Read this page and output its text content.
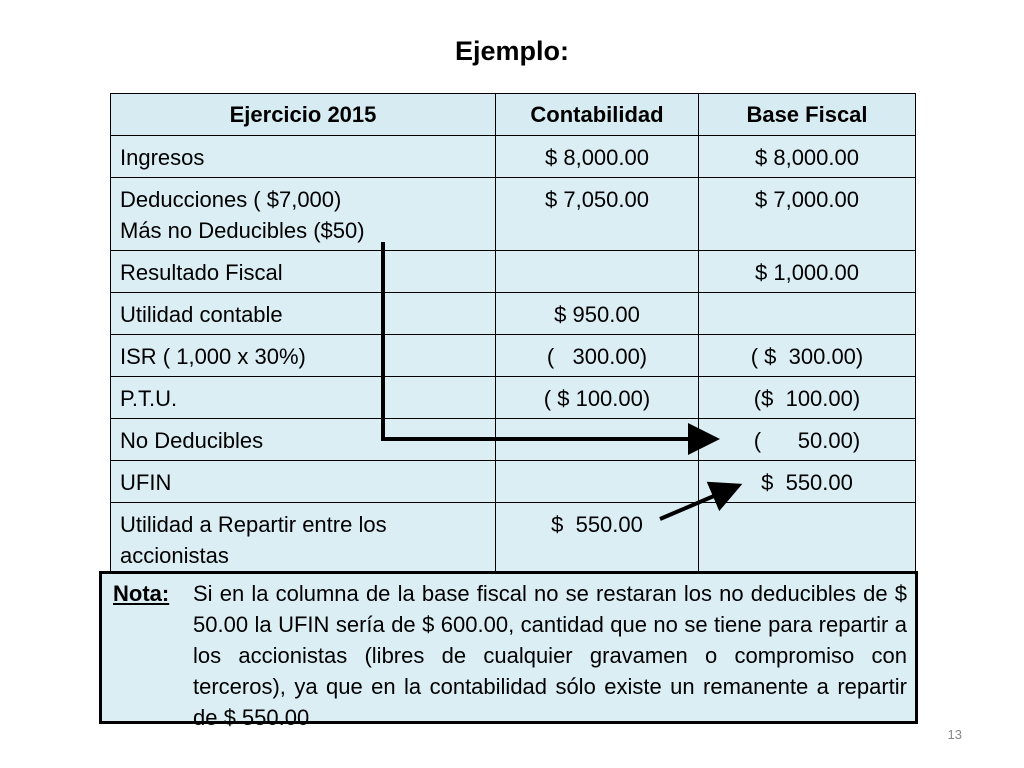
Ejemplo:
Ejercicio 2015	Contabilidad	Base Fiscal
Ingresos	$ 8,000.00	$ 8,000.00

Deducciones ( $7,000)
Más no Deducibles ($50)	$ 7,050.00	$ 7,000.00
Resultado Fiscal		$ 1,000.00
Utilidad contable	$ 950.00	
ISR ( 1,000 x 30%)	(   300.00)	( $  300.00)
P.T.U.	( $ 100.00)	($  100.00)
No Deducibles		(      50.00)
UFIN		$  550.00

Utilidad a Repartir entre los
accionistas	$  550.00	
Nota: Si en la columna de la base fiscal no se restaran los no deducibles de $ 50.00 la UFIN sería de $ 600.00, cantidad que no se tiene para repartir a los accionistas (libres de cualquier gravamen o compromiso con terceros), ya que en la contabilidad sólo existe un remanente a repartir de $ 550.00
13
